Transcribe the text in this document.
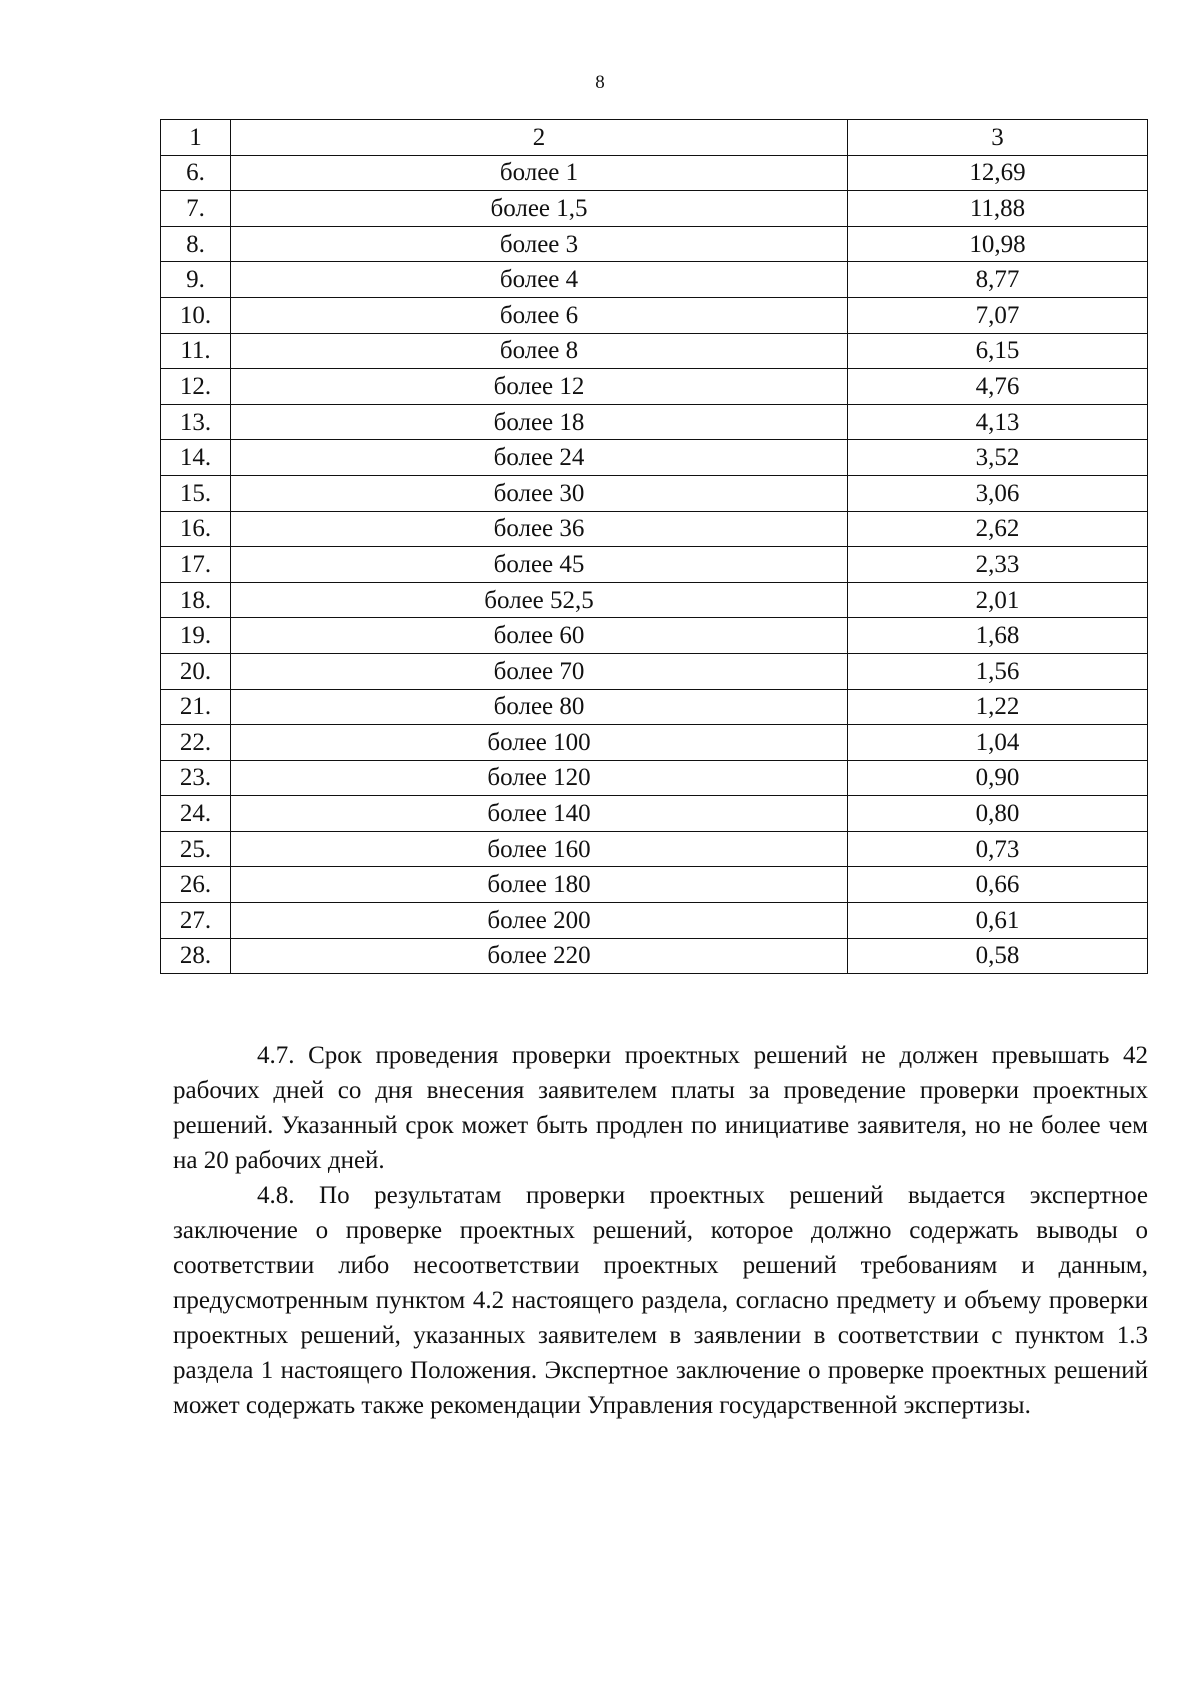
8
1	2	3
6.	более 1	12,69
7.	более 1,5	11,88
8.	более 3	10,98
9.	более 4	8,77
10.	более 6	7,07
11.	более 8	6,15
12.	более 12	4,76
13.	более 18	4,13
14.	более 24	3,52
15.	более 30	3,06
16.	более 36	2,62
17.	более 45	2,33
18.	более 52,5	2,01
19.	более 60	1,68
20.	более 70	1,56
21.	более 80	1,22
22.	более 100	1,04
23.	более 120	0,90
24.	более 140	0,80
25.	более 160	0,73
26.	более 180	0,66
27.	более 200	0,61
28.	более 220	0,58

4.7. Срок проведения проверки проектных решений не должен превышать 42 рабочих дней со дня внесения заявителем платы за проведение проверки проектных решений. Указанный срок может быть продлен по инициативе заявителя, но не более чем на 20 рабочих дней.

4.8. По результатам проверки проектных решений выдается экспертное заключение о проверке проектных решений, которое должно содержать выводы о соответствии либо несоответствии проектных решений требованиям и данным, предусмотренным пунктом 4.2 настоящего раздела, согласно предмету и объему проверки проектных решений, указанных заявителем в заявлении в соответствии с пунктом 1.3 раздела 1 настоящего Положения. Экспертное заключение о проверке проектных решений может содержать также рекомендации Управления государственной экспертизы.
